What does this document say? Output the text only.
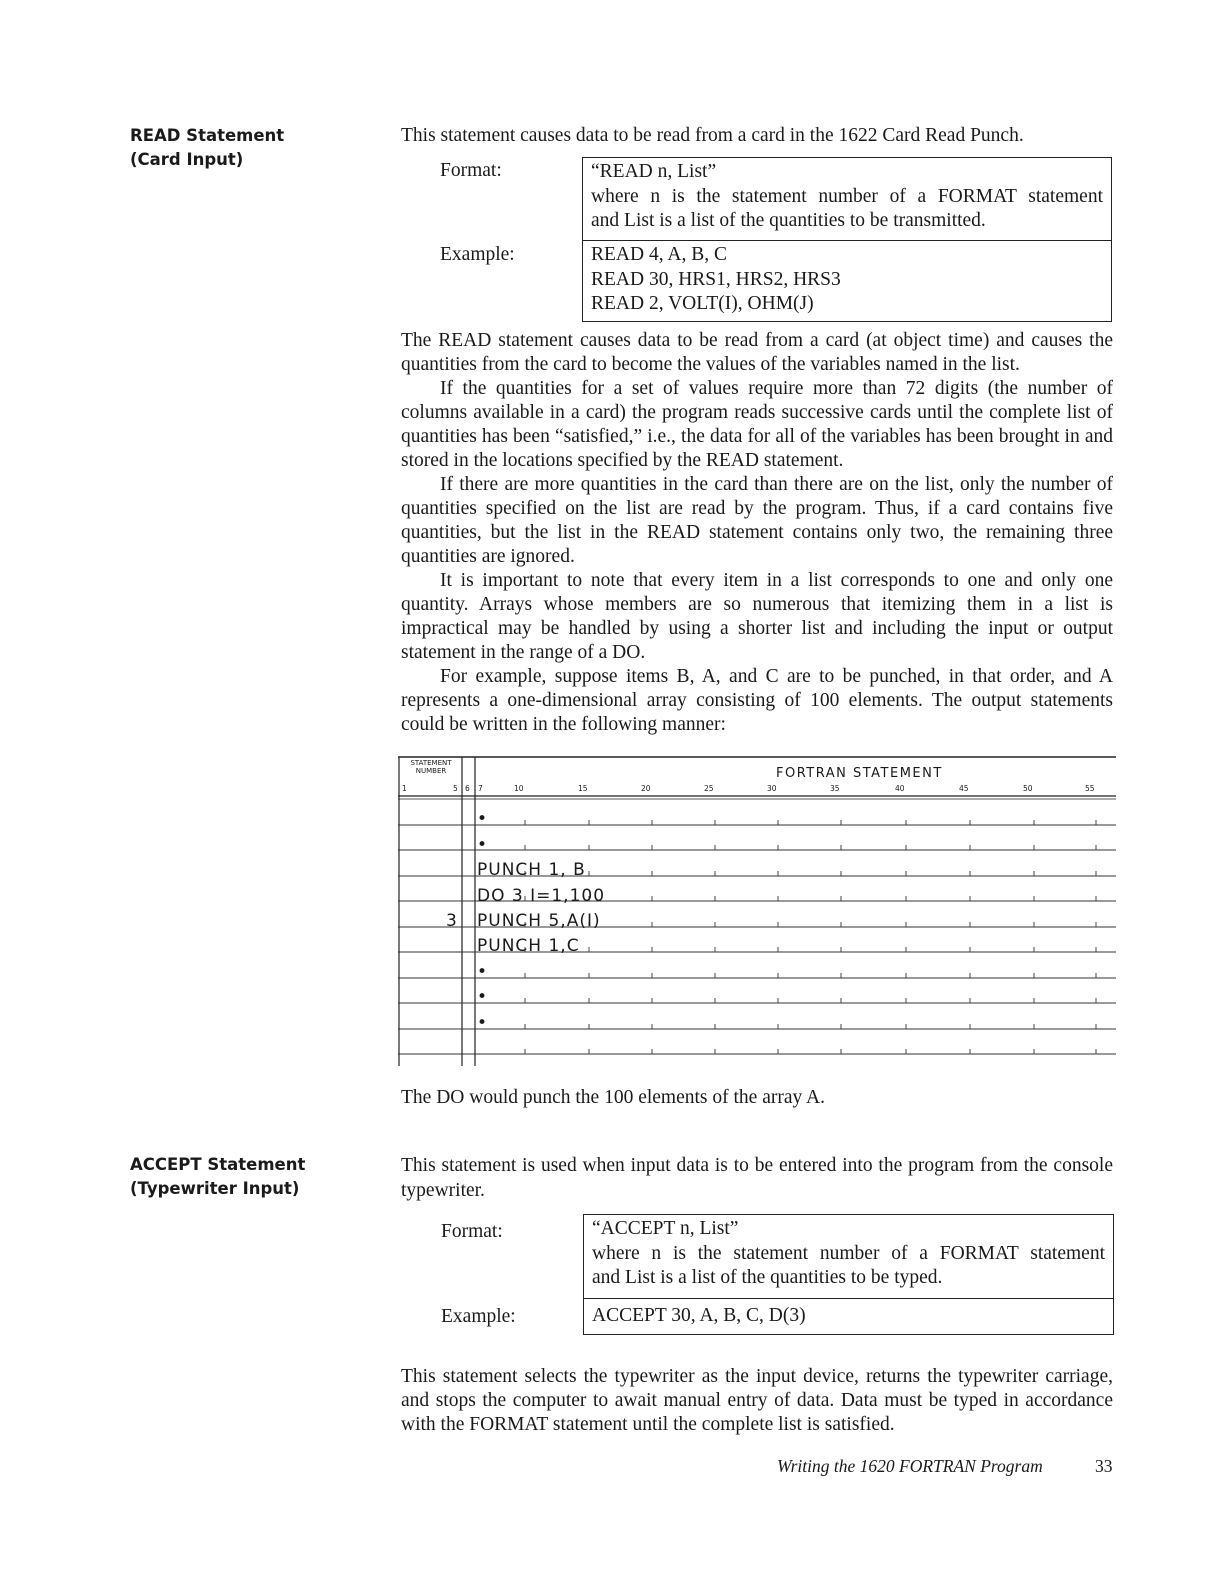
READ Statement
(Card Input)
This statement causes data to be read from a card in the 1622 Card Read Punch.
Format:	“READ n, List”
where n is the statement number of a FORMAT statement
and List is a list of the quantities to be transmitted.
Example:	READ 4, A, B, C
READ 30, HRS1, HRS2, HRS3
READ 2, VOLT(I), OHM(J)

The READ statement causes data to be read from a card (at object time) and causes the quantities from the card to become the values of the variables named in the list.

If the quantities for a set of values require more than 72 digits (the number of columns available in a card) the program reads successive cards until the complete list of quantities has been “satisfied,” i.e., the data for all of the variables has been brought in and stored in the locations specified by the READ statement.

If there are more quantities in the card than there are on the list, only the number of quantities specified on the list are read by the program. Thus, if a card contains five quantities, but the list in the READ statement contains only two, the remaining three quantities are ignored.

It is important to note that every item in a list corresponds to one and only one quantity. Arrays whose members are so numerous that itemizing them in a list is impractical may be handled by using a shorter list and including the input or output statement in the range of a DO.

For example, suppose items B, A, and C are to be punched, in that order, and A represents a one-dimensional array consisting of 100 elements. The output statements could be written in the following manner:

STATEMENT
NUMBER	FORTRAN STATEMENT
1	5 6 7	10	15	20	25	30	35	40	45	50	55
•
•
PUNCH 1, B
DO 3 I=1,100
3 PUNCH 5,A(I)
PUNCH 1,C
•
•
•
The DO would punch the 100 elements of the array A.
ACCEPT Statement
(Typewriter Input)
This statement is used when input data is to be entered into the program from the console typewriter.
Format:	“ACCEPT n, List”
where n is the statement number of a FORMAT statement
and List is a list of the quantities to be typed.
Example:	ACCEPT 30, A, B, C, D(3)
This statement selects the typewriter as the input device, returns the typewriter carriage, and stops the computer to await manual entry of data. Data must be typed in accordance with the FORMAT statement until the complete list is satisfied.
Writing the 1620 FORTRAN Program	33
